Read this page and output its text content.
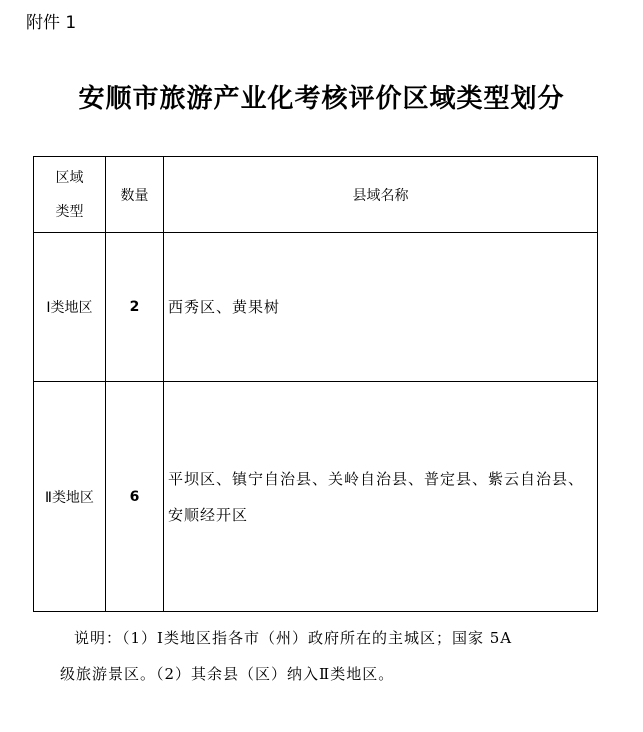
附件 1
安顺市旅游产业化考核评价区域类型划分
区域
类型	数量	县域名称
Ⅰ类地区	2	西秀区、黄果树
Ⅱ类地区	6	平坝区、镇宁自治县、关岭自治县、普定县、紫云自治县、安顺经开区
说明：（1）Ⅰ类地区指各市（州）政府所在的主城区；国家 5A
级旅游景区。（2）其余县（区）纳入Ⅱ类地区。
